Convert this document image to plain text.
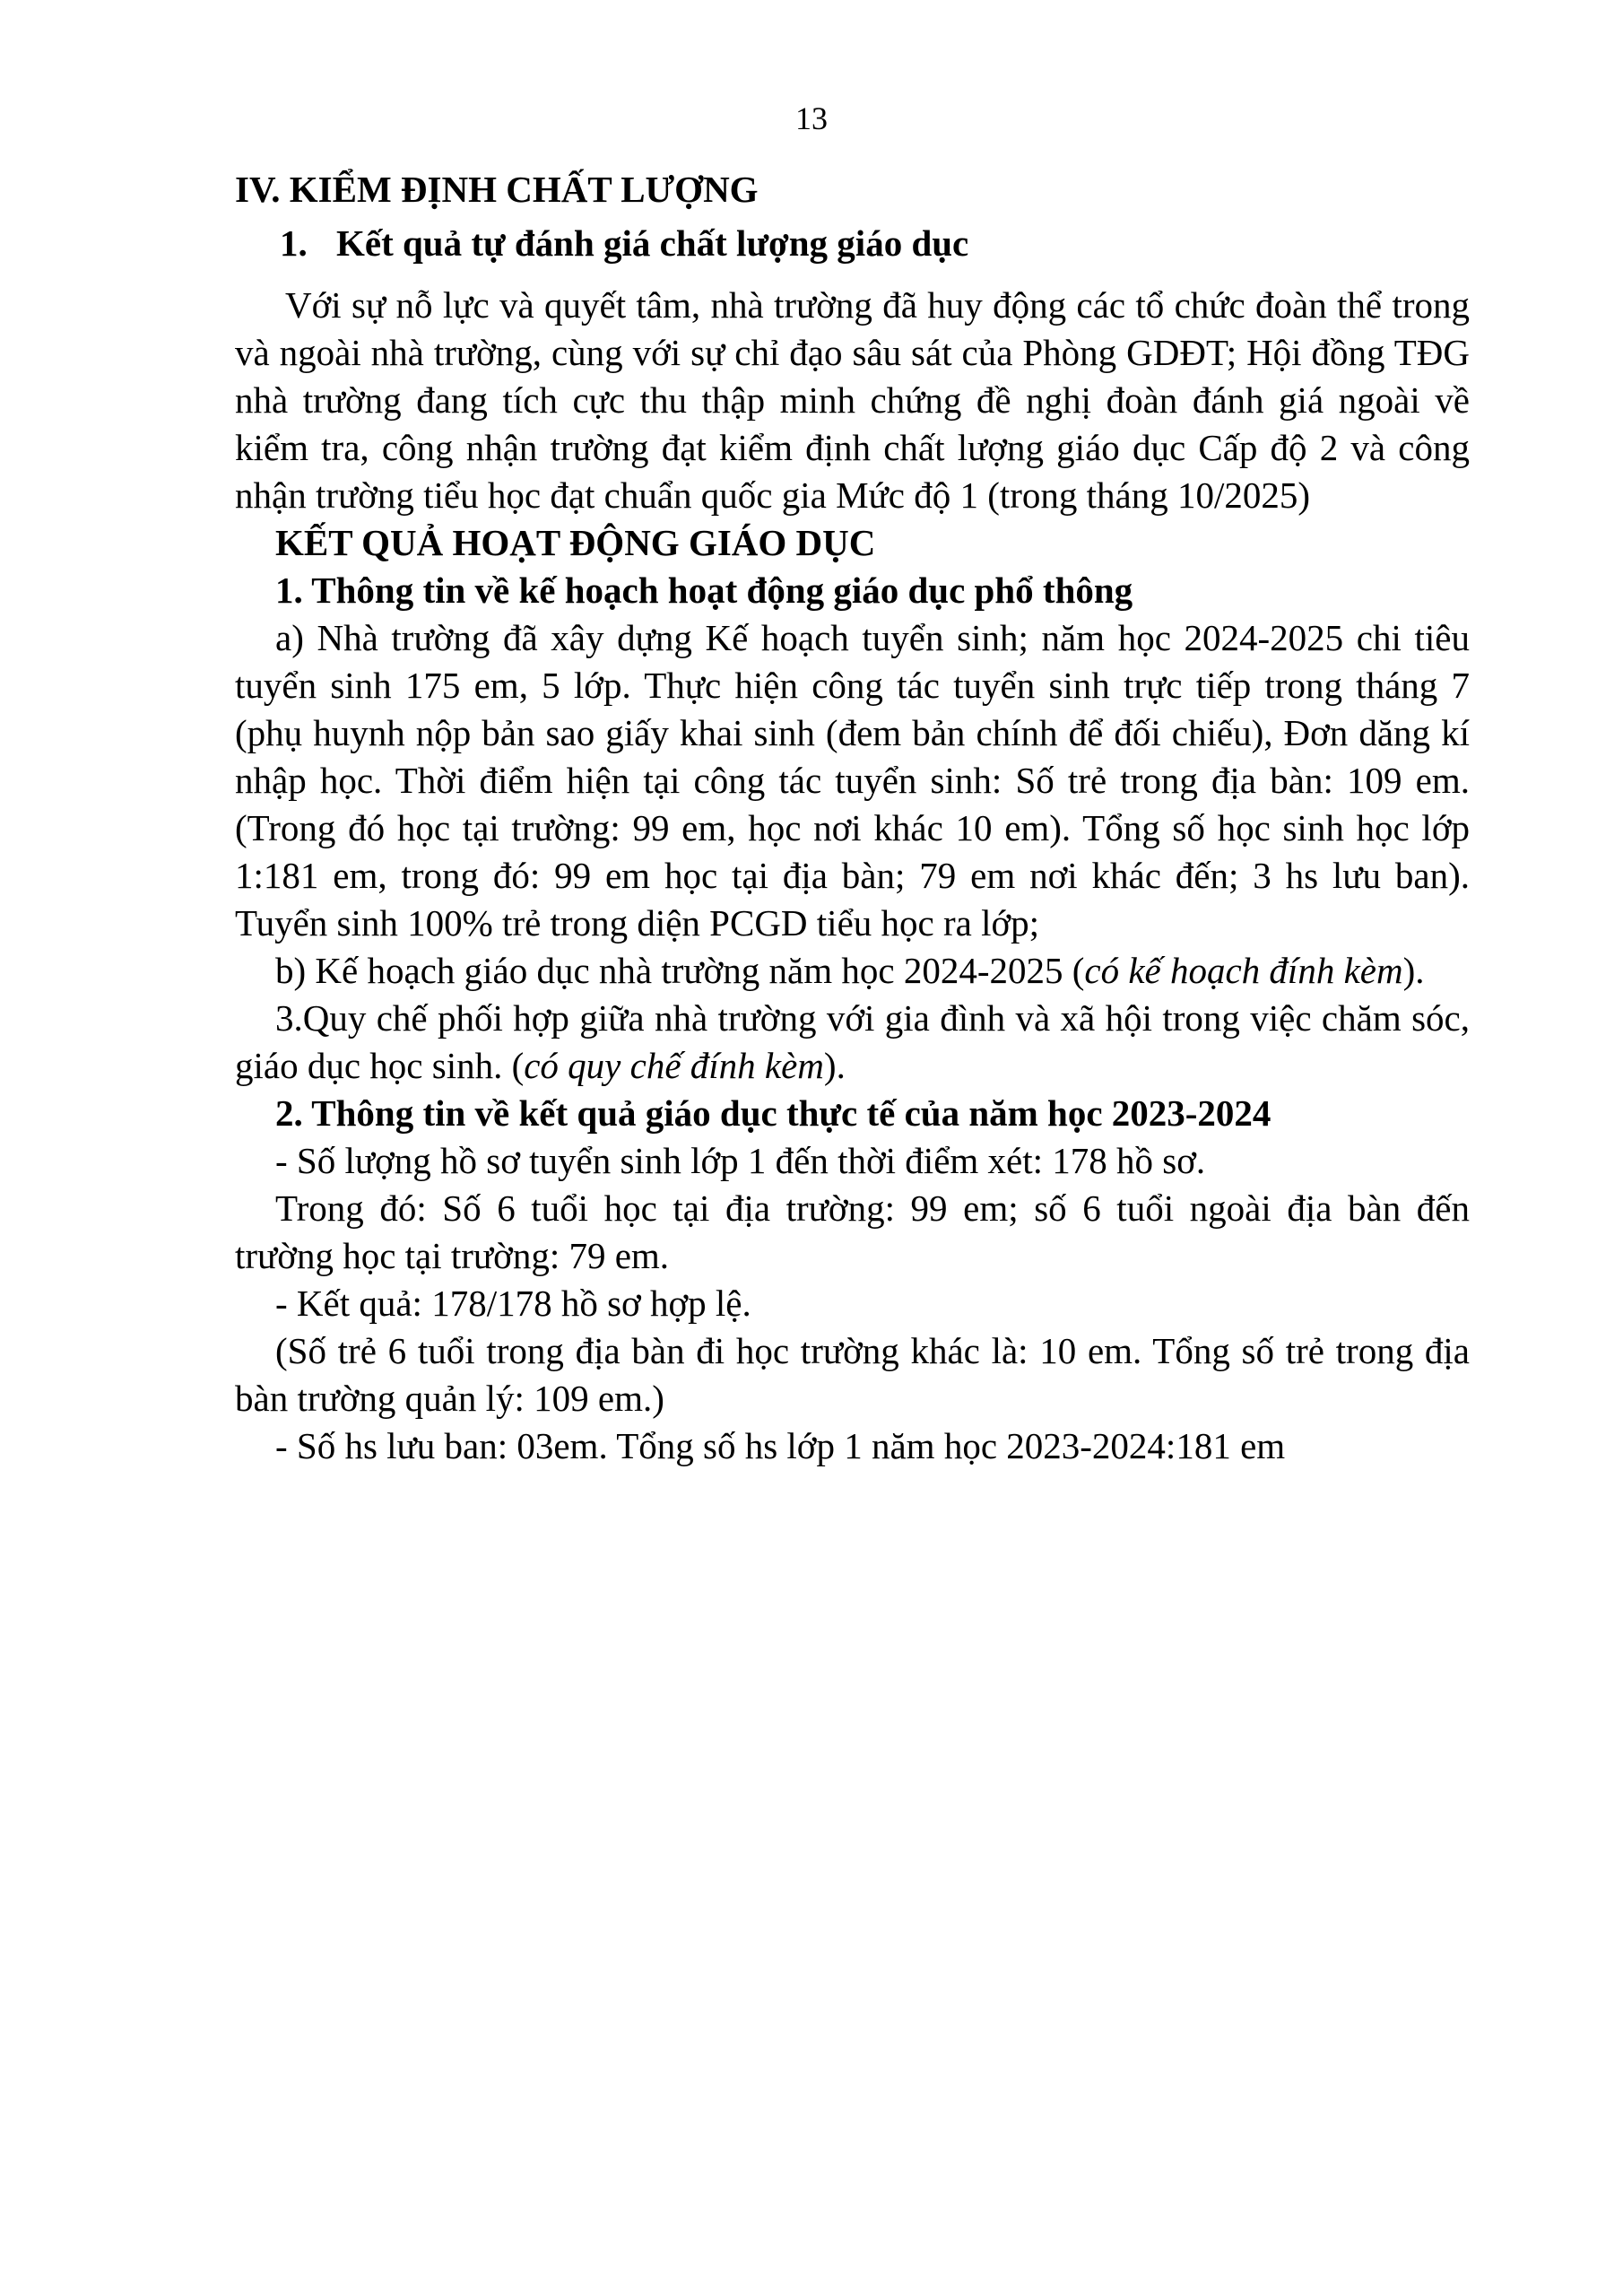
13
IV. KIỂM ĐỊNH CHẤT LƯỢNG
1. Kết quả tự đánh giá chất lượng giáo dục
Với sự nỗ lực và quyết tâm, nhà trường đã huy động các tổ chức đoàn thể trong
và ngoài nhà trường, cùng với sự chỉ đạo sâu sát của Phòng GDĐT; Hội đồng TĐG
nhà trường đang tích cực thu thập minh chứng đề nghị đoàn đánh giá ngoài về
kiểm tra, công nhận trường đạt kiểm định chất lượng giáo dục Cấp độ 2 và công
nhận trường tiểu học đạt chuẩn quốc gia Mức độ 1 (trong tháng 10/2025)
KẾT QUẢ HOẠT ĐỘNG GIÁO DỤC
1. Thông tin về kế hoạch hoạt động giáo dục phổ thông
a) Nhà trường đã xây dựng Kế hoạch tuyển sinh; năm học 2024-2025 chi tiêu
tuyển sinh 175 em, 5 lớp. Thực hiện công tác tuyển sinh trực tiếp trong tháng 7
(phụ huynh nộp bản sao giấy khai sinh (đem bản chính để đối chiếu), Đơn dăng kí
nhập học. Thời điểm hiện tại công tác tuyển sinh: Số trẻ trong địa bàn: 109 em.
(Trong đó học tại trường: 99 em, học nơi khác 10 em). Tổng số học sinh học lớp
1:181 em, trong đó: 99 em học tại địa bàn; 79 em nơi khác đến; 3 hs lưu ban).
Tuyển sinh 100% trẻ trong diện PCGD tiểu học ra lớp;
b) Kế hoạch giáo dục nhà trường năm học 2024-2025 (có kế hoạch đính kèm).
3.Quy chế phối hợp giữa nhà trường với gia đình và xã hội trong việc chăm sóc,
giáo dục học sinh. (có quy chế đính kèm).
2. Thông tin về kết quả giáo dục thực tế của năm học 2023-2024
- Số lượng hồ sơ tuyển sinh lớp 1 đến thời điểm xét: 178 hồ sơ.
Trong đó: Số 6 tuổi học tại địa trường: 99 em; số 6 tuổi ngoài địa bàn đến
trường học tại trường: 79 em.
- Kết quả: 178/178 hồ sơ hợp lệ.
(Số trẻ 6 tuổi trong địa bàn đi học trường khác là: 10 em. Tổng số trẻ trong địa
bàn trường quản lý: 109 em.)
- Số hs lưu ban: 03em. Tổng số hs lớp 1 năm học 2023-2024:181 em
